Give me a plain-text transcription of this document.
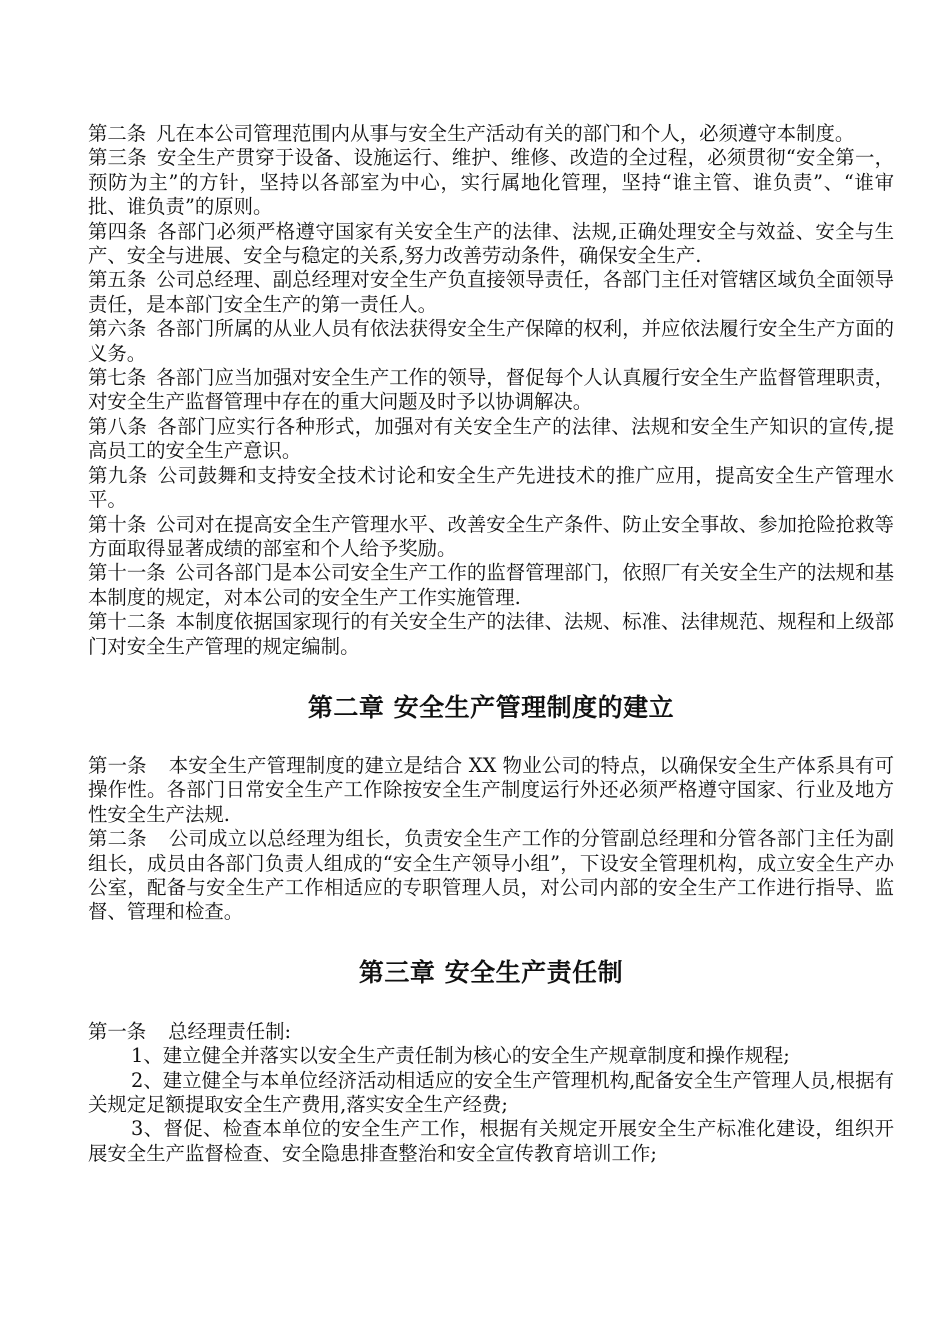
第二条 凡在本公司管理范围内从事与安全生产活动有关的部门和个人，必须遵守本制度。

第三条 安全生产贯穿于设备、设施运行、维护、维修、改造的全过程，必须贯彻“安全第一，预防为主”的方针，坚持以各部室为中心，实行属地化管理，坚持“谁主管、谁负责”、“谁审批、谁负责”的原则。

第四条 各部门必须严格遵守国家有关安全生产的法律、法规,正确处理安全与效益、安全与生产、安全与进展、安全与稳定的关系,努力改善劳动条件，确保安全生产.

第五条 公司总经理、副总经理对安全生产负直接领导责任，各部门主任对管辖区域负全面领导责任，是本部门安全生产的第一责任人。

第六条 各部门所属的从业人员有依法获得安全生产保障的权利，并应依法履行安全生产方面的义务。

第七条 各部门应当加强对安全生产工作的领导，督促每个人认真履行安全生产监督管理职责，对安全生产监督管理中存在的重大问题及时予以协调解决。

第八条 各部门应实行各种形式，加强对有关安全生产的法律、法规和安全生产知识的宣传,提高员工的安全生产意识。

第九条 公司鼓舞和支持安全技术讨论和安全生产先进技术的推广应用，提高安全生产管理水平。

第十条 公司对在提高安全生产管理水平、改善安全生产条件、防止安全事故、参加抢险抢救等方面取得显著成绩的部室和个人给予奖励。

第十一条 公司各部门是本公司安全生产工作的监督管理部门，依照厂有关安全生产的法规和基本制度的规定，对本公司的安全生产工作实施管理.

第十二条 本制度依据国家现行的有关安全生产的法律、法规、标准、法律规范、规程和上级部门对安全生产管理的规定编制。

第二章 安全生产管理制度的建立

第一条 本安全生产管理制度的建立是结合 XX 物业公司的特点，以确保安全生产体系具有可操作性。各部门日常安全生产工作除按安全生产制度运行外还必须严格遵守国家、行业及地方性安全生产法规.

第二条 公司成立以总经理为组长，负责安全生产工作的分管副总经理和分管各部门主任为副组长，成员由各部门负责人组成的“安全生产领导小组”，下设安全管理机构，成立安全生产办公室，配备与安全生产工作相适应的专职管理人员，对公司内部的安全生产工作进行指导、监督、管理和检查。

第三章 安全生产责任制

第一条 总经理责任制:

1、建立健全并落实以安全生产责任制为核心的安全生产规章制度和操作规程;

2、建立健全与本单位经济活动相适应的安全生产管理机构,配备安全生产管理人员,根据有关规定足额提取安全生产费用,落实安全生产经费;

3、督促、检查本单位的安全生产工作，根据有关规定开展安全生产标准化建设，组织开展安全生产监督检查、安全隐患排查整治和安全宣传教育培训工作;
